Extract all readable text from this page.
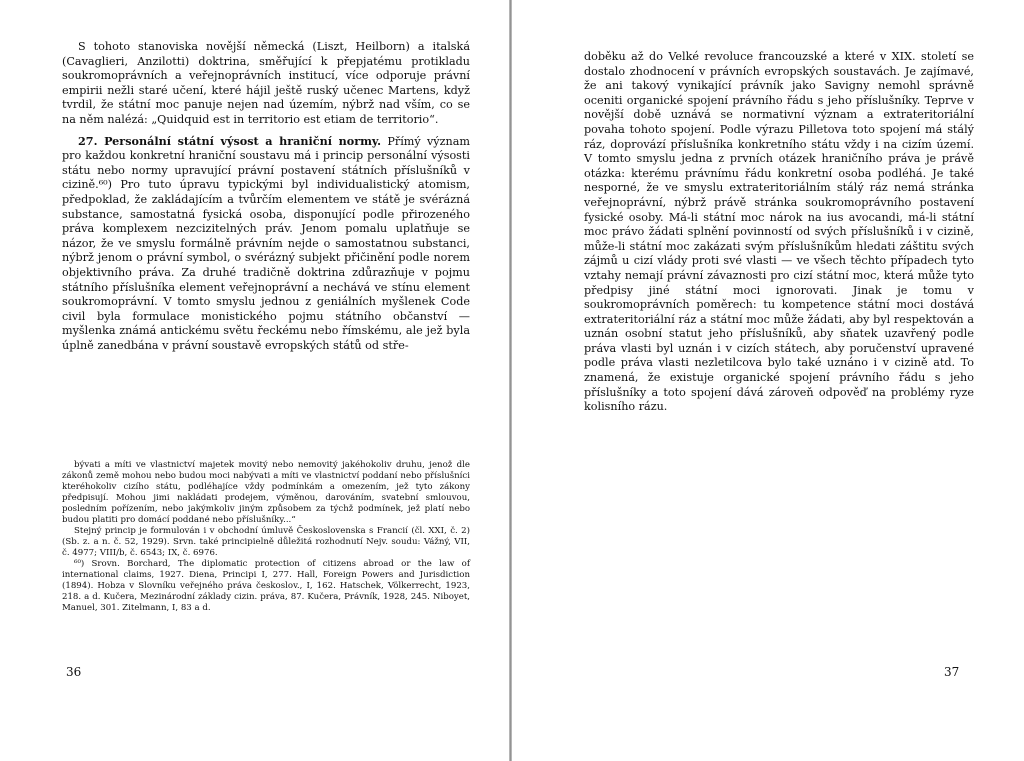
S tohoto stanoviska novější německá (Liszt, Heilborn) a italská (Cavaglieri, Anzilotti) doktrina, směřující k přepjatému protikladu soukromoprávních a veřejnoprávních institucí, více odporuje právní empirii nežli staré učení, které hájil ještě ruský učenec Martens, když tvrdil, že státní moc panuje nejen nad územím, nýbrž nad vším, co se na něm nalézá: „Quidquid est in territorio est etiam de territorio“.

27. Personální státní výsost a hraniční normy. Přímý význam pro každou konkretní hraniční soustavu má i princip personální výsosti státu nebo normy upravující právní postavení státních příslušníků v cizině.⁶⁰) Pro tuto úpravu typickými byl individualistický atomism, předpoklad, že zakládajícím a tvůrčím elementem ve státě je svérázná substance, samostatná fysická osoba, disponující podle přirozeného práva komplexem nezcizitelných práv. Jenom pomalu uplatňuje se názor, že ve smyslu formálně právním nejde o samostatnou substanci, nýbrž jenom o právní symbol, o svérázný subjekt přičinění podle norem objektivního práva. Za druhé tradičně doktrina zdůrazňuje v pojmu státního příslušníka element veřejnoprávní a nechává ve stínu element soukromoprávní. V tomto smyslu jednou z geniálních myšlenek Code civil byla formulace monistického pojmu státního občanství — myšlenka známá antickému světu řeckému nebo římskému, ale jež byla úplně zanedbána v právní soustavě evropských států od stře-

bývati a míti ve vlastnictví majetek movitý nebo nemovitý jakéhokoliv druhu, jenož dle zákonů země mohou nebo budou moci nabývati a míti ve vlastnictví poddaní nebo příslušníci kteréhokoliv cizího státu, podléhajíce vždy podmínkám a omezením, jež tyto zákony předpisují. Mohou jimi nakládati prodejem, výměnou, darováním, svatební smlouvou, posledním pořízením, nebo jakýmkoliv jiným způsobem za týchž podmínek, jež platí nebo budou platiti pro domácí poddané nebo příslušníky...“

Stejný princip je formulován i v obchodní úmluvě Československa s Francií (čl. XXI, č. 2) (Sb. z. a n. č. 52, 1929). Srvn. také principielně důležitá rozhodnutí Nejv. soudu: Vážný, VII, č. 4977; VIII/b, č. 6543; IX, č. 6976.

⁶⁰) Srovn. Borchard, The diplomatic protection of citizens abroad or the law of international claims, 1927. Diena, Principi I, 277. Hall, Foreign Powers and Jurisdiction (1894). Hobza v Slovníku veřejného práva českoslov., I, 162. Hatschek, Völkerrecht, 1923, 218. a d. Kučera, Mezinárodní základy cizin. práva, 87. Kučera, Právník, 1928, 245. Niboyet, Manuel, 301. Zitelmann, I, 83 a d.

36

doběku až do Velké revoluce francouzské a které v XIX. století se dostalo zhodnocení v právních evropských soustavách. Je zajímavé, že ani takový vynikající právník jako Savigny nemohl správně oceniti organické spojení právního řádu s jeho příslušníky. Teprve v novější době uznává se normativní význam a extrateritoriální povaha tohoto spojení. Podle výrazu Pilletova toto spojení má stálý ráz, doprovází příslušníka konkretního státu vždy i na cizím území. V tomto smyslu jedna z prvních otázek hraničního práva je právě otázka: kterému právnímu řádu konkretní osoba podléhá. Je také nesporné, že ve smyslu extrateritoriálním stálý ráz nemá stránka veřejnoprávní, nýbrž právě stránka soukromoprávního postavení fysické osoby. Má-li státní moc nárok na ius avocandi, má-li státní moc právo žádati splnění povinností od svých příslušníků i v cizině, může-li státní moc zakázati svým příslušníkům hledati záštitu svých zájmů u cizí vlády proti své vlasti — ve všech těchto případech tyto vztahy nemají právní závaznosti pro cizí státní moc, která může tyto předpisy jiné státní moci ignorovati. Jinak je tomu v soukromoprávních poměrech: tu kompetence státní moci dostává extrateritoriální ráz a státní moc může žádati, aby byl respektován a uznán osobní statut jeho příslušníků, aby sňatek uzavřený podle práva vlasti byl uznán i v cizích státech, aby poručenství upravené podle práva vlasti nezletilcova bylo také uznáno i v cizině atd. To znamená, že existuje organické spojení právního řádu s jeho příslušníky a toto spojení dává zároveň odpověď na problémy ryze kolisního rázu.

37
